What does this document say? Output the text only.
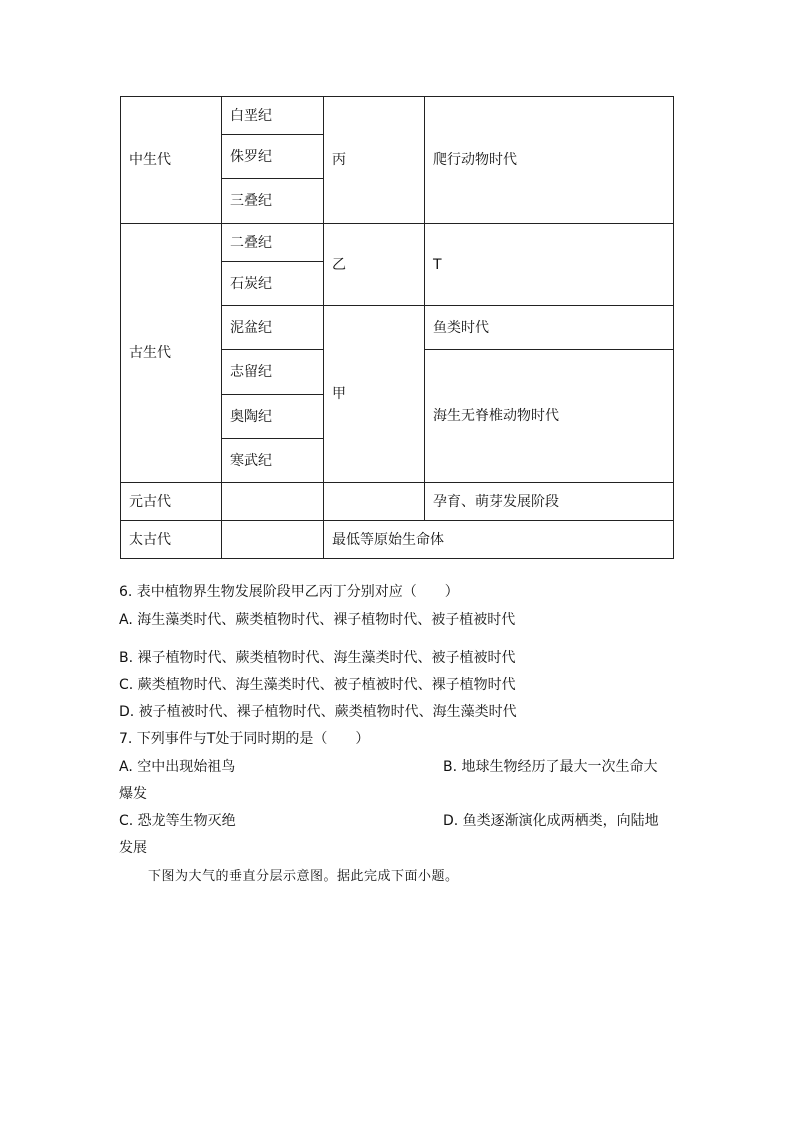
中生代	白垩纪	丙	爬行动物时代
	侏罗纪		
	三叠纪		
古生代	二叠纪	乙	T
	石炭纪		
	泥盆纪	甲	鱼类时代
	志留纪		海生无脊椎动物时代
	奥陶纪		
	寒武纪		
元古代			孕育、萌芽发展阶段
太古代		最低等原始生命体	
6. 表中植物界生物发展阶段甲乙丙丁分别对应（　　）
A. 海生藻类时代、蕨类植物时代、裸子植物时代、被子植被时代
B. 裸子植物时代、蕨类植物时代、海生藻类时代、被子植被时代
C. 蕨类植物时代、海生藻类时代、被子植被时代、裸子植物时代
D. 被子植被时代、裸子植物时代、蕨类植物时代、海生藻类时代
7. 下列事件与T处于同时期的是（　　）
A. 空中出现始祖鸟	B. 地球生物经历了最大一次生命大
爆发
C. 恐龙等生物灭绝	D. 鱼类逐渐演化成两栖类，向陆地
发展
下图为大气的垂直分层示意图。据此完成下面小题。
